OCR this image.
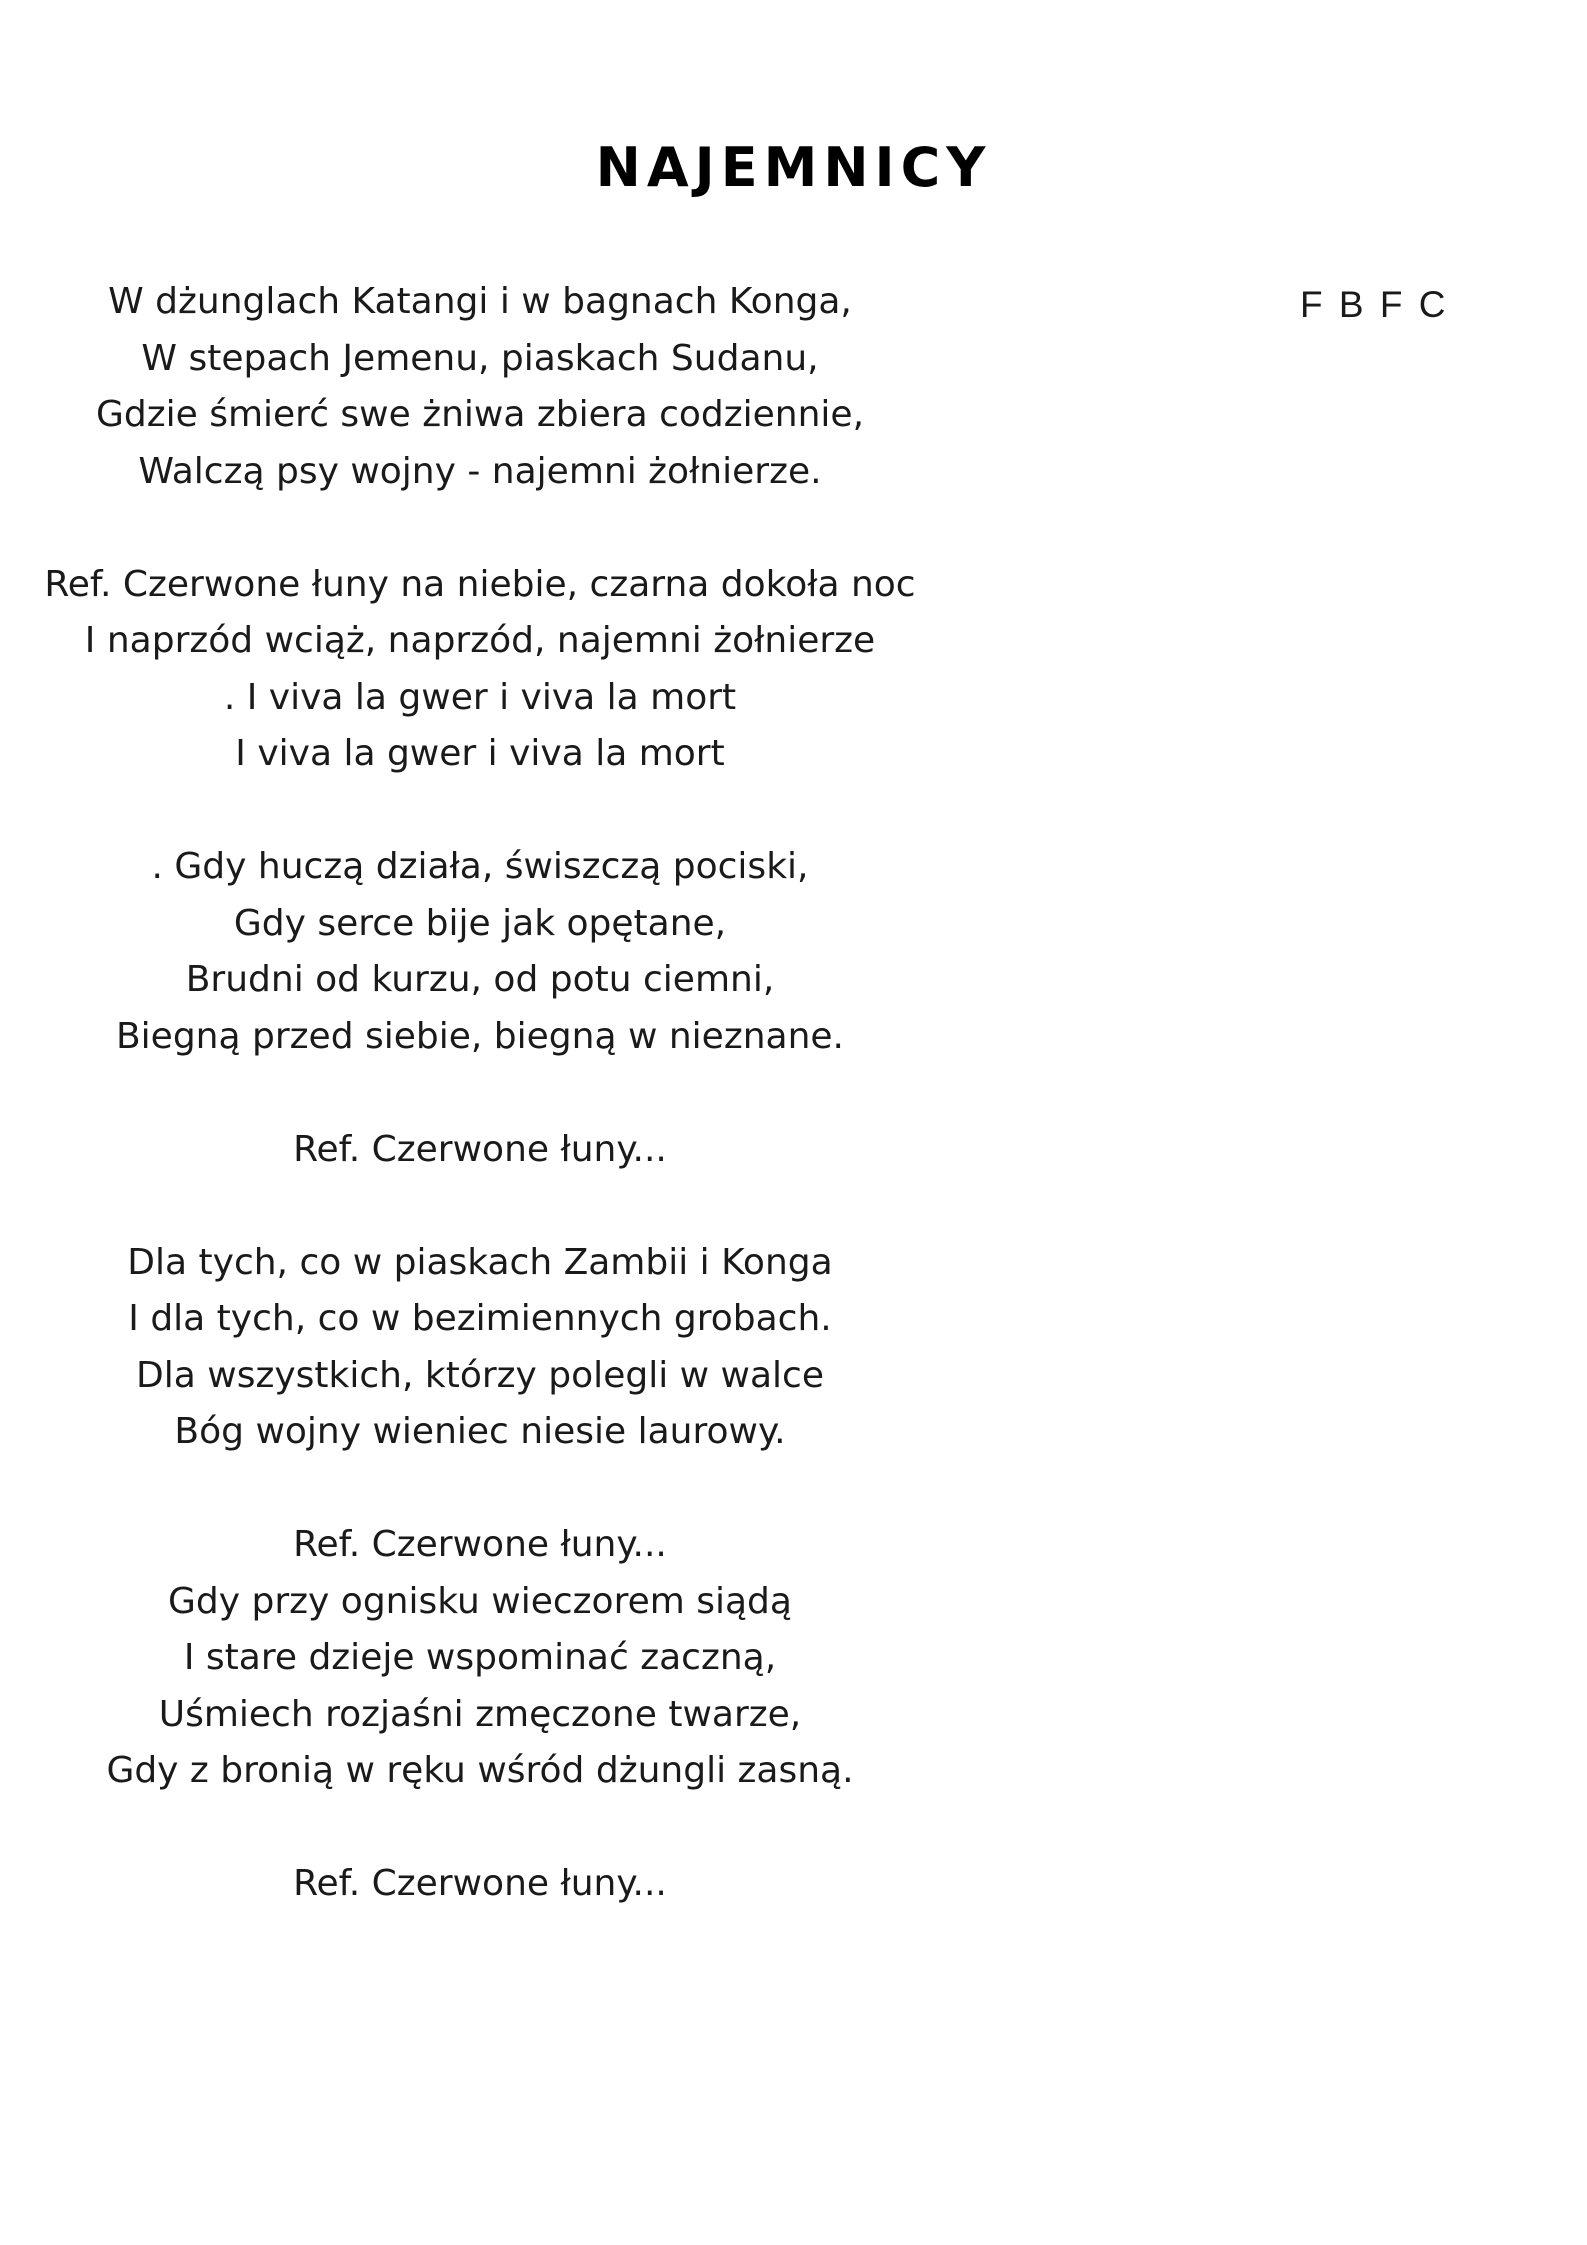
NAJEMNICY
F B F C
W dżunglach Katangi i w bagnach Konga,
W stepach Jemenu, piaskach Sudanu,
Gdzie śmierć swe żniwa zbiera codziennie,
Walczą psy wojny - najemni żołnierze.
Ref. Czerwone łuny na niebie, czarna dokoła noc
I naprzód wciąż, naprzód, najemni żołnierze
. I viva la gwer i viva la mort
I viva la gwer i viva la mort
. Gdy huczą działa, świszczą pociski,
Gdy serce bije jak opętane,
Brudni od kurzu, od potu ciemni,
Biegną przed siebie, biegną w nieznane.
Ref. Czerwone łuny...
Dla tych, co w piaskach Zambii i Konga
I dla tych, co w bezimiennych grobach.
Dla wszystkich, którzy polegli w walce
Bóg wojny wieniec niesie laurowy.
Ref. Czerwone łuny...
Gdy przy ognisku wieczorem siądą
I stare dzieje wspominać zaczną,
Uśmiech rozjaśni zmęczone twarze,
Gdy z bronią w ręku wśród dżungli zasną.
Ref. Czerwone łuny...
